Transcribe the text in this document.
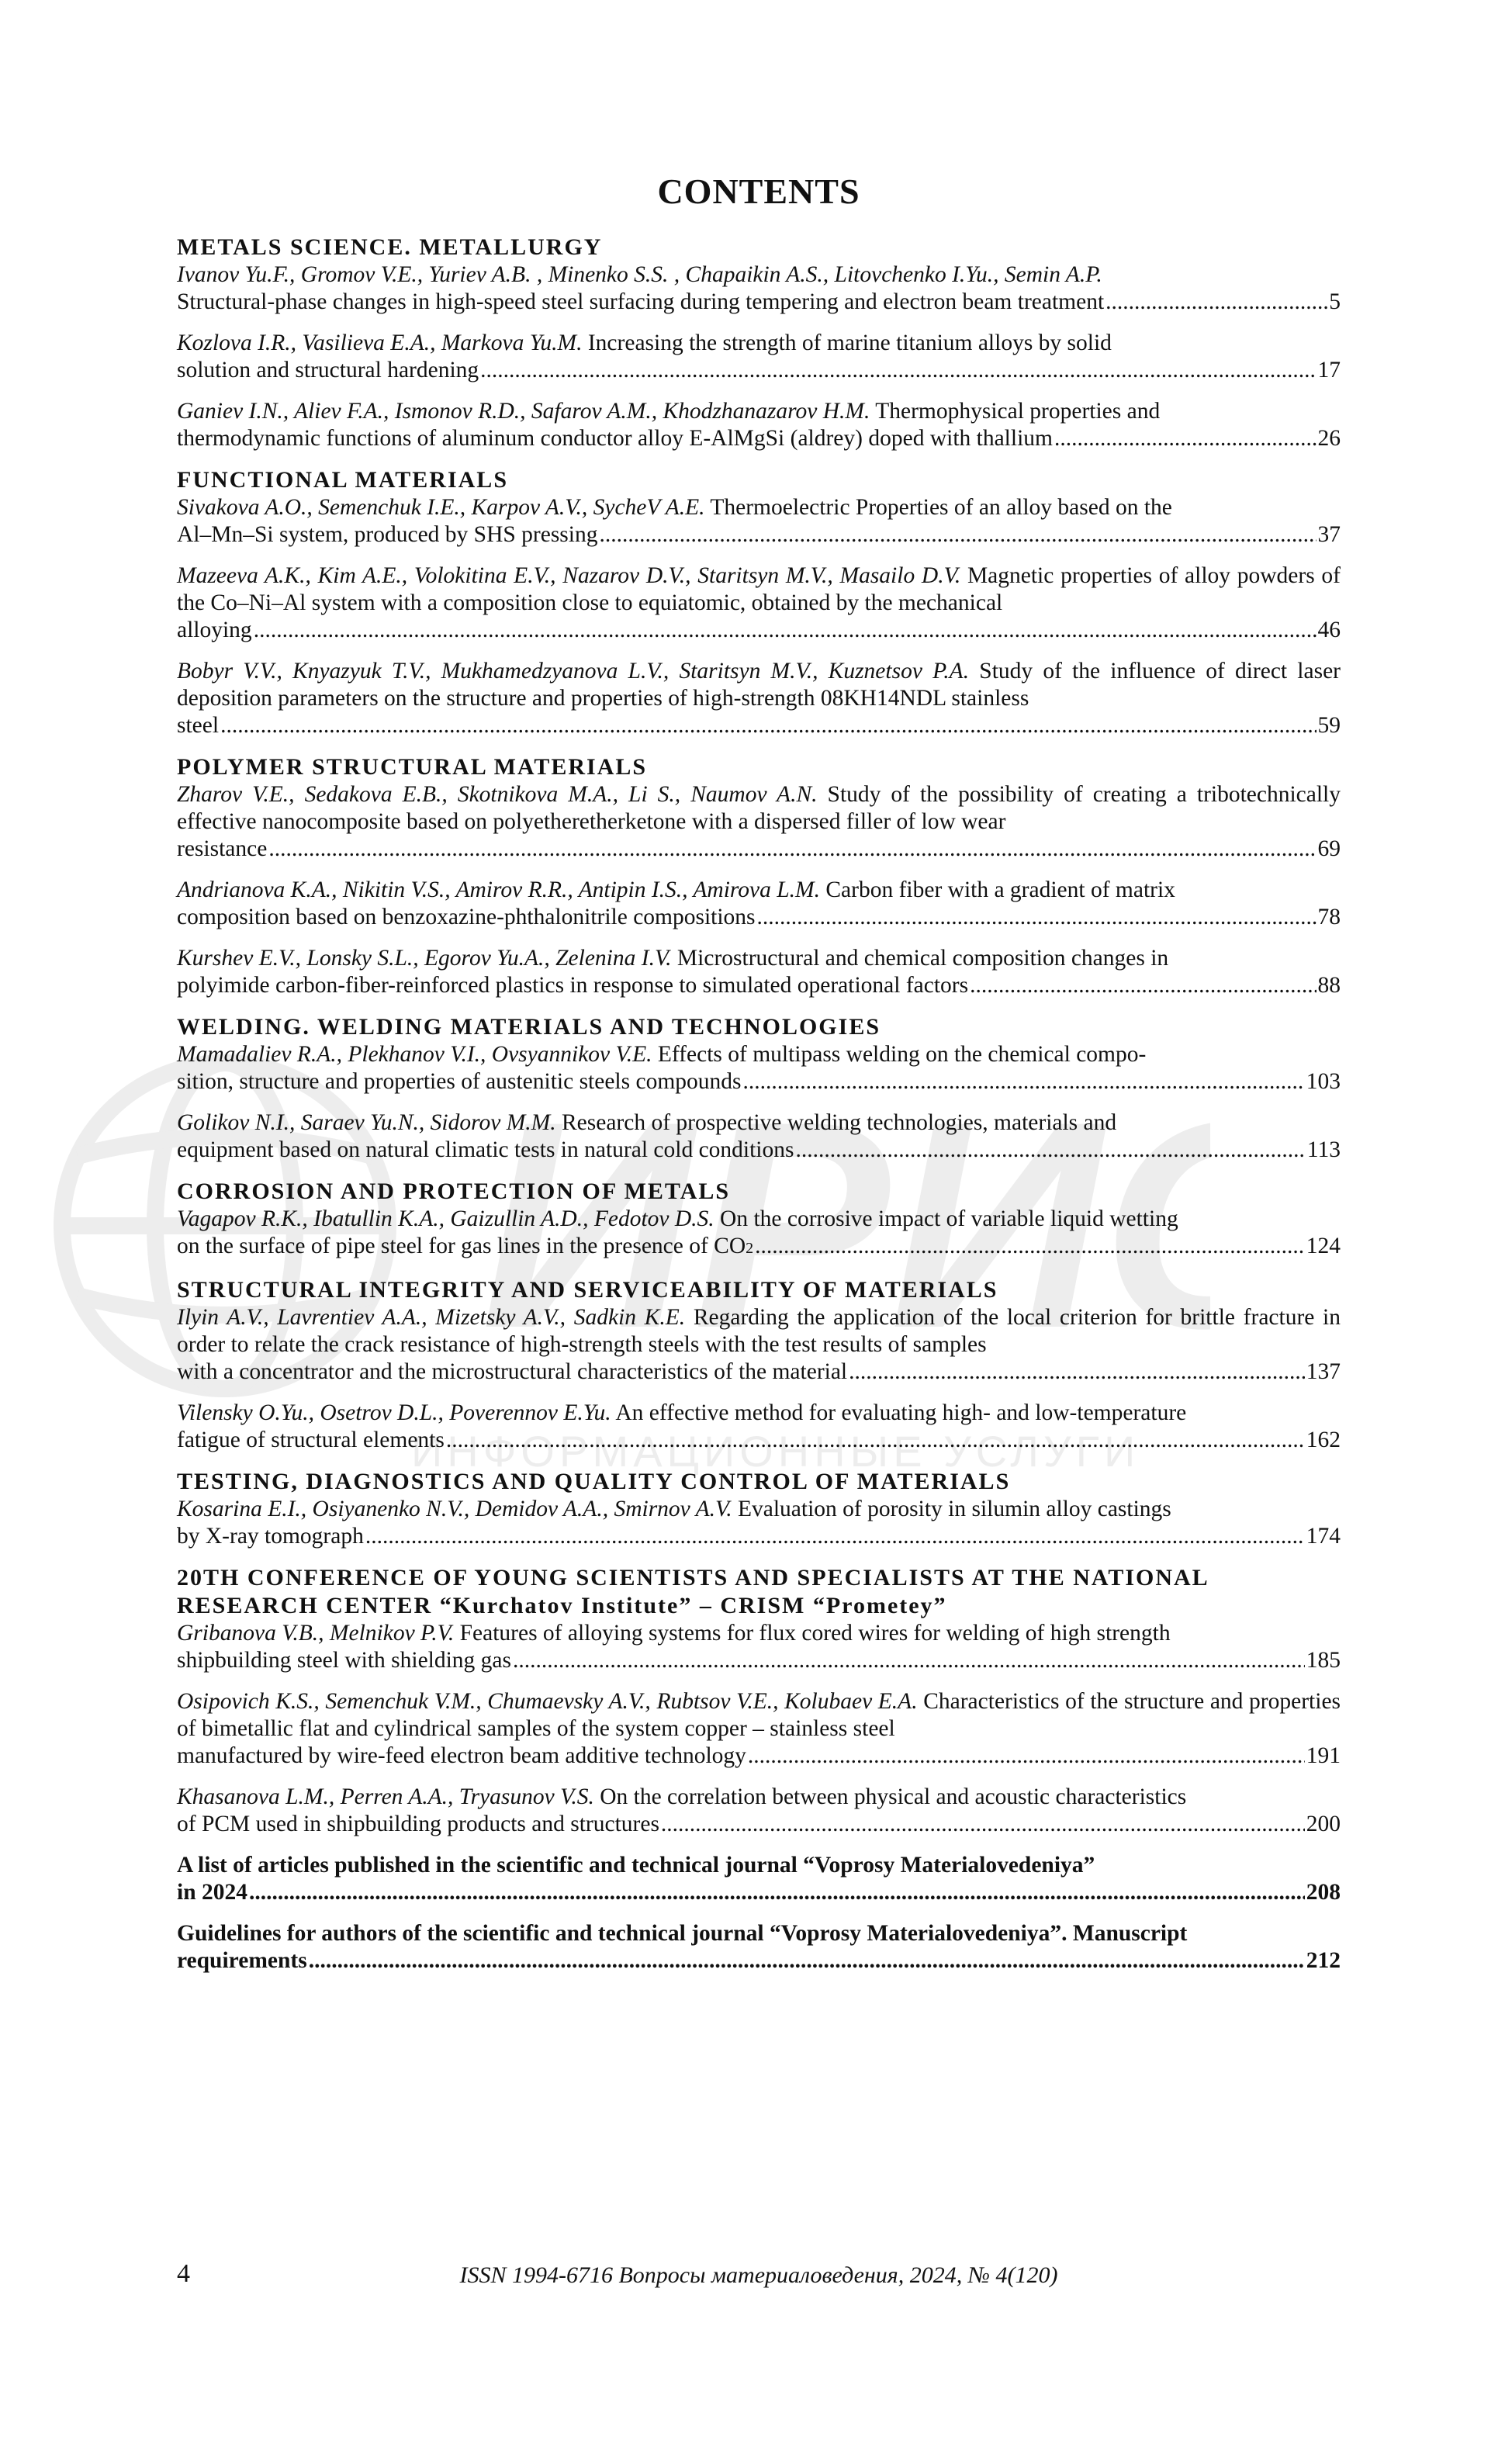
ИРИ
ИНФОРМАЦИОННЫЕ УСЛУГИ
CONTENTS
METALS SCIENCE. METALLURGY
Ivanov Yu.F., Gromov V.E., Yuriev A.B. , Minenko S.S. , Chapaikin A.S., Litovchenko I.Yu., Semin A.P.
Structural-phase changes in high-speed steel surfacing during tempering and electron beam treatment .....	5
Kozlova I.R., Vasilieva E.A., Markova Yu.M. Increasing the strength of marine titanium alloys by solid
solution and structural hardening .....	17
Ganiev I.N., Aliev F.A., Ismonov R.D., Safarov A.M., Khodzhanazarov H.M. Thermophysical properties and
thermodynamic functions of aluminum conductor alloy E-AlMgSi (aldrey) doped with thallium .....	26
FUNCTIONAL MATERIALS
Sivakova A.O., Semenchuk I.E., Karpov A.V., SycheV A.E. Thermoelectric Properties of an alloy based on the
Al–Mn–Si system, produced by SHS pressing .....	37
Mazeeva A.K., Kim A.E., Volokitina E.V., Nazarov D.V., Staritsyn M.V., Masailo D.V. Magnetic properties of alloy powders of the Co–Ni–Al system with a composition close to equiatomic, obtained by the mechanical
alloying .....	46
Bobyr V.V., Knyazyuk T.V., Mukhamedzyanova L.V., Staritsyn M.V., Kuznetsov P.A. Study of the influence of direct laser deposition parameters on the structure and properties of high-strength 08KH14NDL stainless
steel .....	59
POLYMER STRUCTURAL MATERIALS
Zharov V.E., Sedakova E.B., Skotnikova M.A., Li S., Naumov A.N. Study of the possibility of creating a tribotechnically effective nanocomposite based on polyetheretherketone with a dispersed filler of low wear
resistance .....	69
Andrianova K.A., Nikitin V.S., Amirov R.R., Antipin I.S., Amirova L.M. Carbon fiber with a gradient of matrix
composition based on benzoxazine-phthalonitrile compositions .....	78
Kurshev E.V., Lonsky S.L., Egorov Yu.A., Zelenina I.V. Microstructural and chemical composition changes in
polyimide carbon-fiber-reinforced plastics in response to simulated operational factors .....	88
WELDING. WELDING MATERIALS AND TECHNOLOGIES
Mamadaliev R.A., Plekhanov V.I., Ovsyannikov V.E. Effects of multipass welding on the chemical compo-
sition, structure and properties of austenitic steels compounds .....	103
Golikov N.I., Saraev Yu.N., Sidorov M.M. Research of prospective welding technologies, materials and
equipment based on natural climatic tests in natural cold conditions .....	113
CORROSION AND PROTECTION OF METALS
Vagapov R.K., Ibatullin K.A., Gaizullin A.D., Fedotov D.S. On the corrosive impact of variable liquid wetting
on the surface of pipe steel for gas lines in the presence of CO 2 .....	124
STRUCTURAL INTEGRITY AND SERVICEABILITY OF MATERIALS
Ilyin A.V., Lavrentiev A.A., Mizetsky A.V., Sadkin K.E. Regarding the application of the local criterion for brittle fracture in order to relate the crack resistance of high-strength steels with the test results of samples
with a concentrator and the microstructural characteristics of the material .....	137
Vilensky O.Yu., Osetrov D.L., Poverennov E.Yu. An effective method for evaluating high- and low-temperature
fatigue of structural elements .....	162
TESTING, DIAGNOSTICS AND QUALITY CONTROL OF MATERIALS
Kosarina E.I., Osiyanenko N.V., Demidov A.A., Smirnov A.V. Evaluation of porosity in silumin alloy castings
by X-ray tomograph .....	174
20TH CONFERENCE OF YOUNG SCIENTISTS AND SPECIALISTS AT THE NATIONAL RESEARCH CENTER “Kurchatov Institute” – CRISM “Prometey”
Gribanova V.B., Melnikov P.V. Features of alloying systems for flux cored wires for welding of high strength
shipbuilding steel with shielding gas .....	185
Osipovich K.S., Semenchuk V.M., Chumaevsky A.V., Rubtsov V.E., Kolubaev E.A. Characteristics of the structure and properties of bimetallic flat and cylindrical samples of the system copper – stainless steel
manufactured by wire-feed electron beam additive technology .....	191
Khasanova L.M., Perren A.A., Tryasunov V.S. On the correlation between physical and acoustic characteristics
of PCM used in shipbuilding products and structures .....	200
A list of articles published in the scientific and technical journal “Voprosy Materialovedeniya”
in 2024 .....	208
Guidelines for authors of the scientific and technical journal “Voprosy Materialovedeniya”. Manuscript
requirements .....	212
4	ISSN 1994-6716 Вопросы материаловедения, 2024, № 4(120)
